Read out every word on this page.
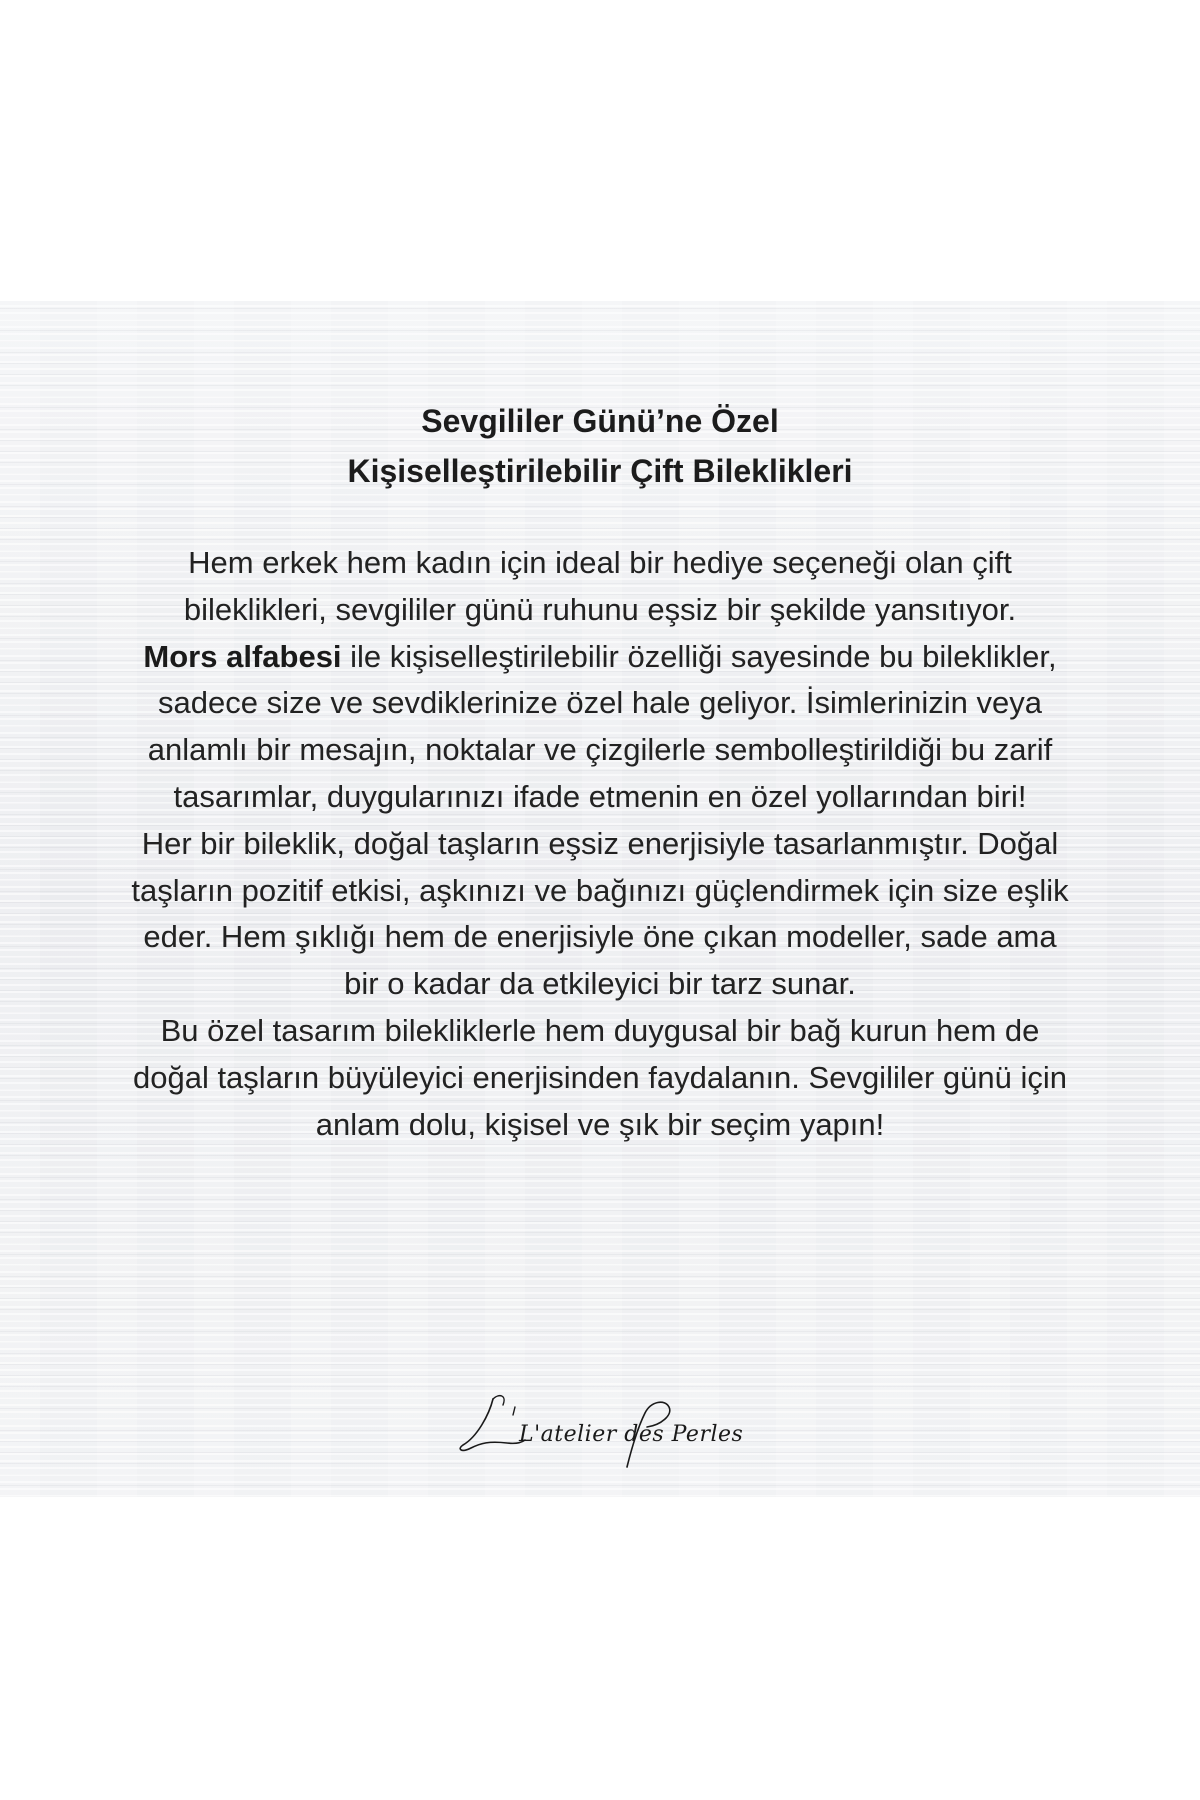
Sevgililer Günü’ne Özel
Kişiselleştirilebilir Çift Bileklikleri

Hem erkek hem kadın için ideal bir hediye seçeneği olan çift bileklikleri, sevgililer günü ruhunu eşsiz bir şekilde yansıtıyor.

Mors alfabesi ile kişiselleştirilebilir özelliği sayesinde bu bileklikler, sadece size ve sevdiklerinize özel hale geliyor. İsimlerinizin veya anlamlı bir mesajın, noktalar ve çizgilerle sembolleştirildiği bu zarif tasarımlar, duygularınızı ifade etmenin en özel yollarından biri!

Her bir bileklik, doğal taşların eşsiz enerjisiyle tasarlanmıştır. Doğal taşların pozitif etkisi, aşkınızı ve bağınızı güçlendirmek için size eşlik eder. Hem şıklığı hem de enerjisiyle öne çıkan modeller, sade ama bir o kadar da etkileyici bir tarz sunar.

Bu özel tasarım bilekliklerle hem duygusal bir bağ kurun hem de doğal taşların büyüleyici enerjisinden faydalanın. Sevgililer günü için anlam dolu, kişisel ve şık bir seçim yapın!

L'atelier des Perles
